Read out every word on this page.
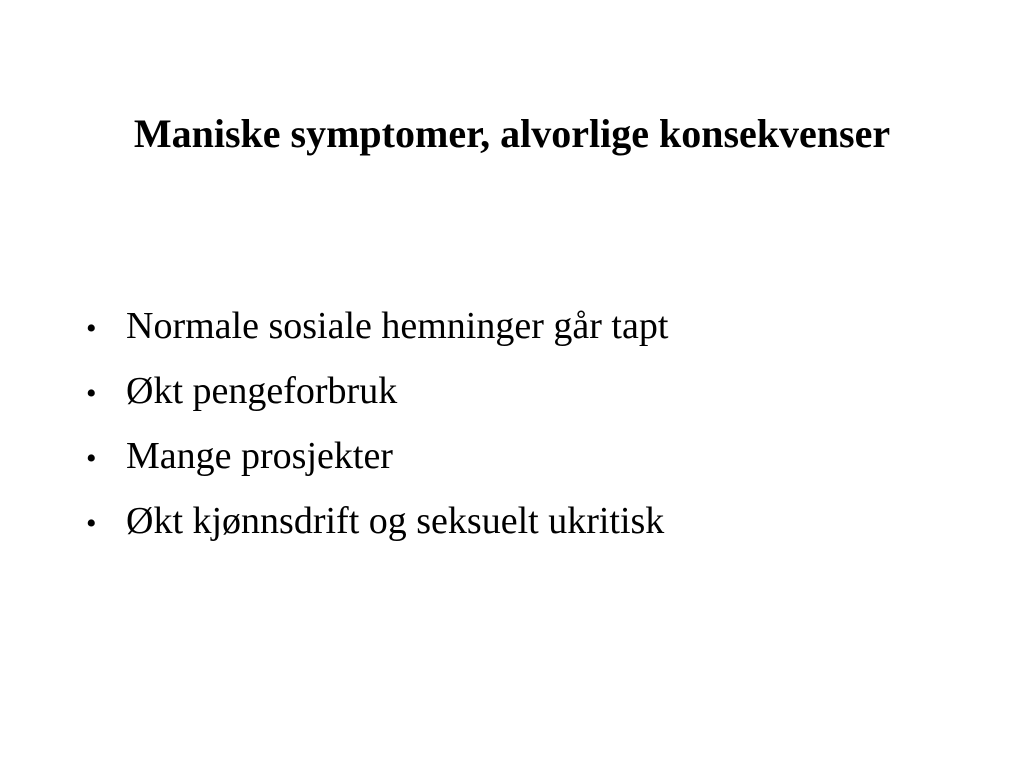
Maniske symptomer, alvorlige konsekvenser
• Normale sosiale hemninger går tapt
• Økt pengeforbruk
• Mange prosjekter
• Økt kjønnsdrift og seksuelt ukritisk
